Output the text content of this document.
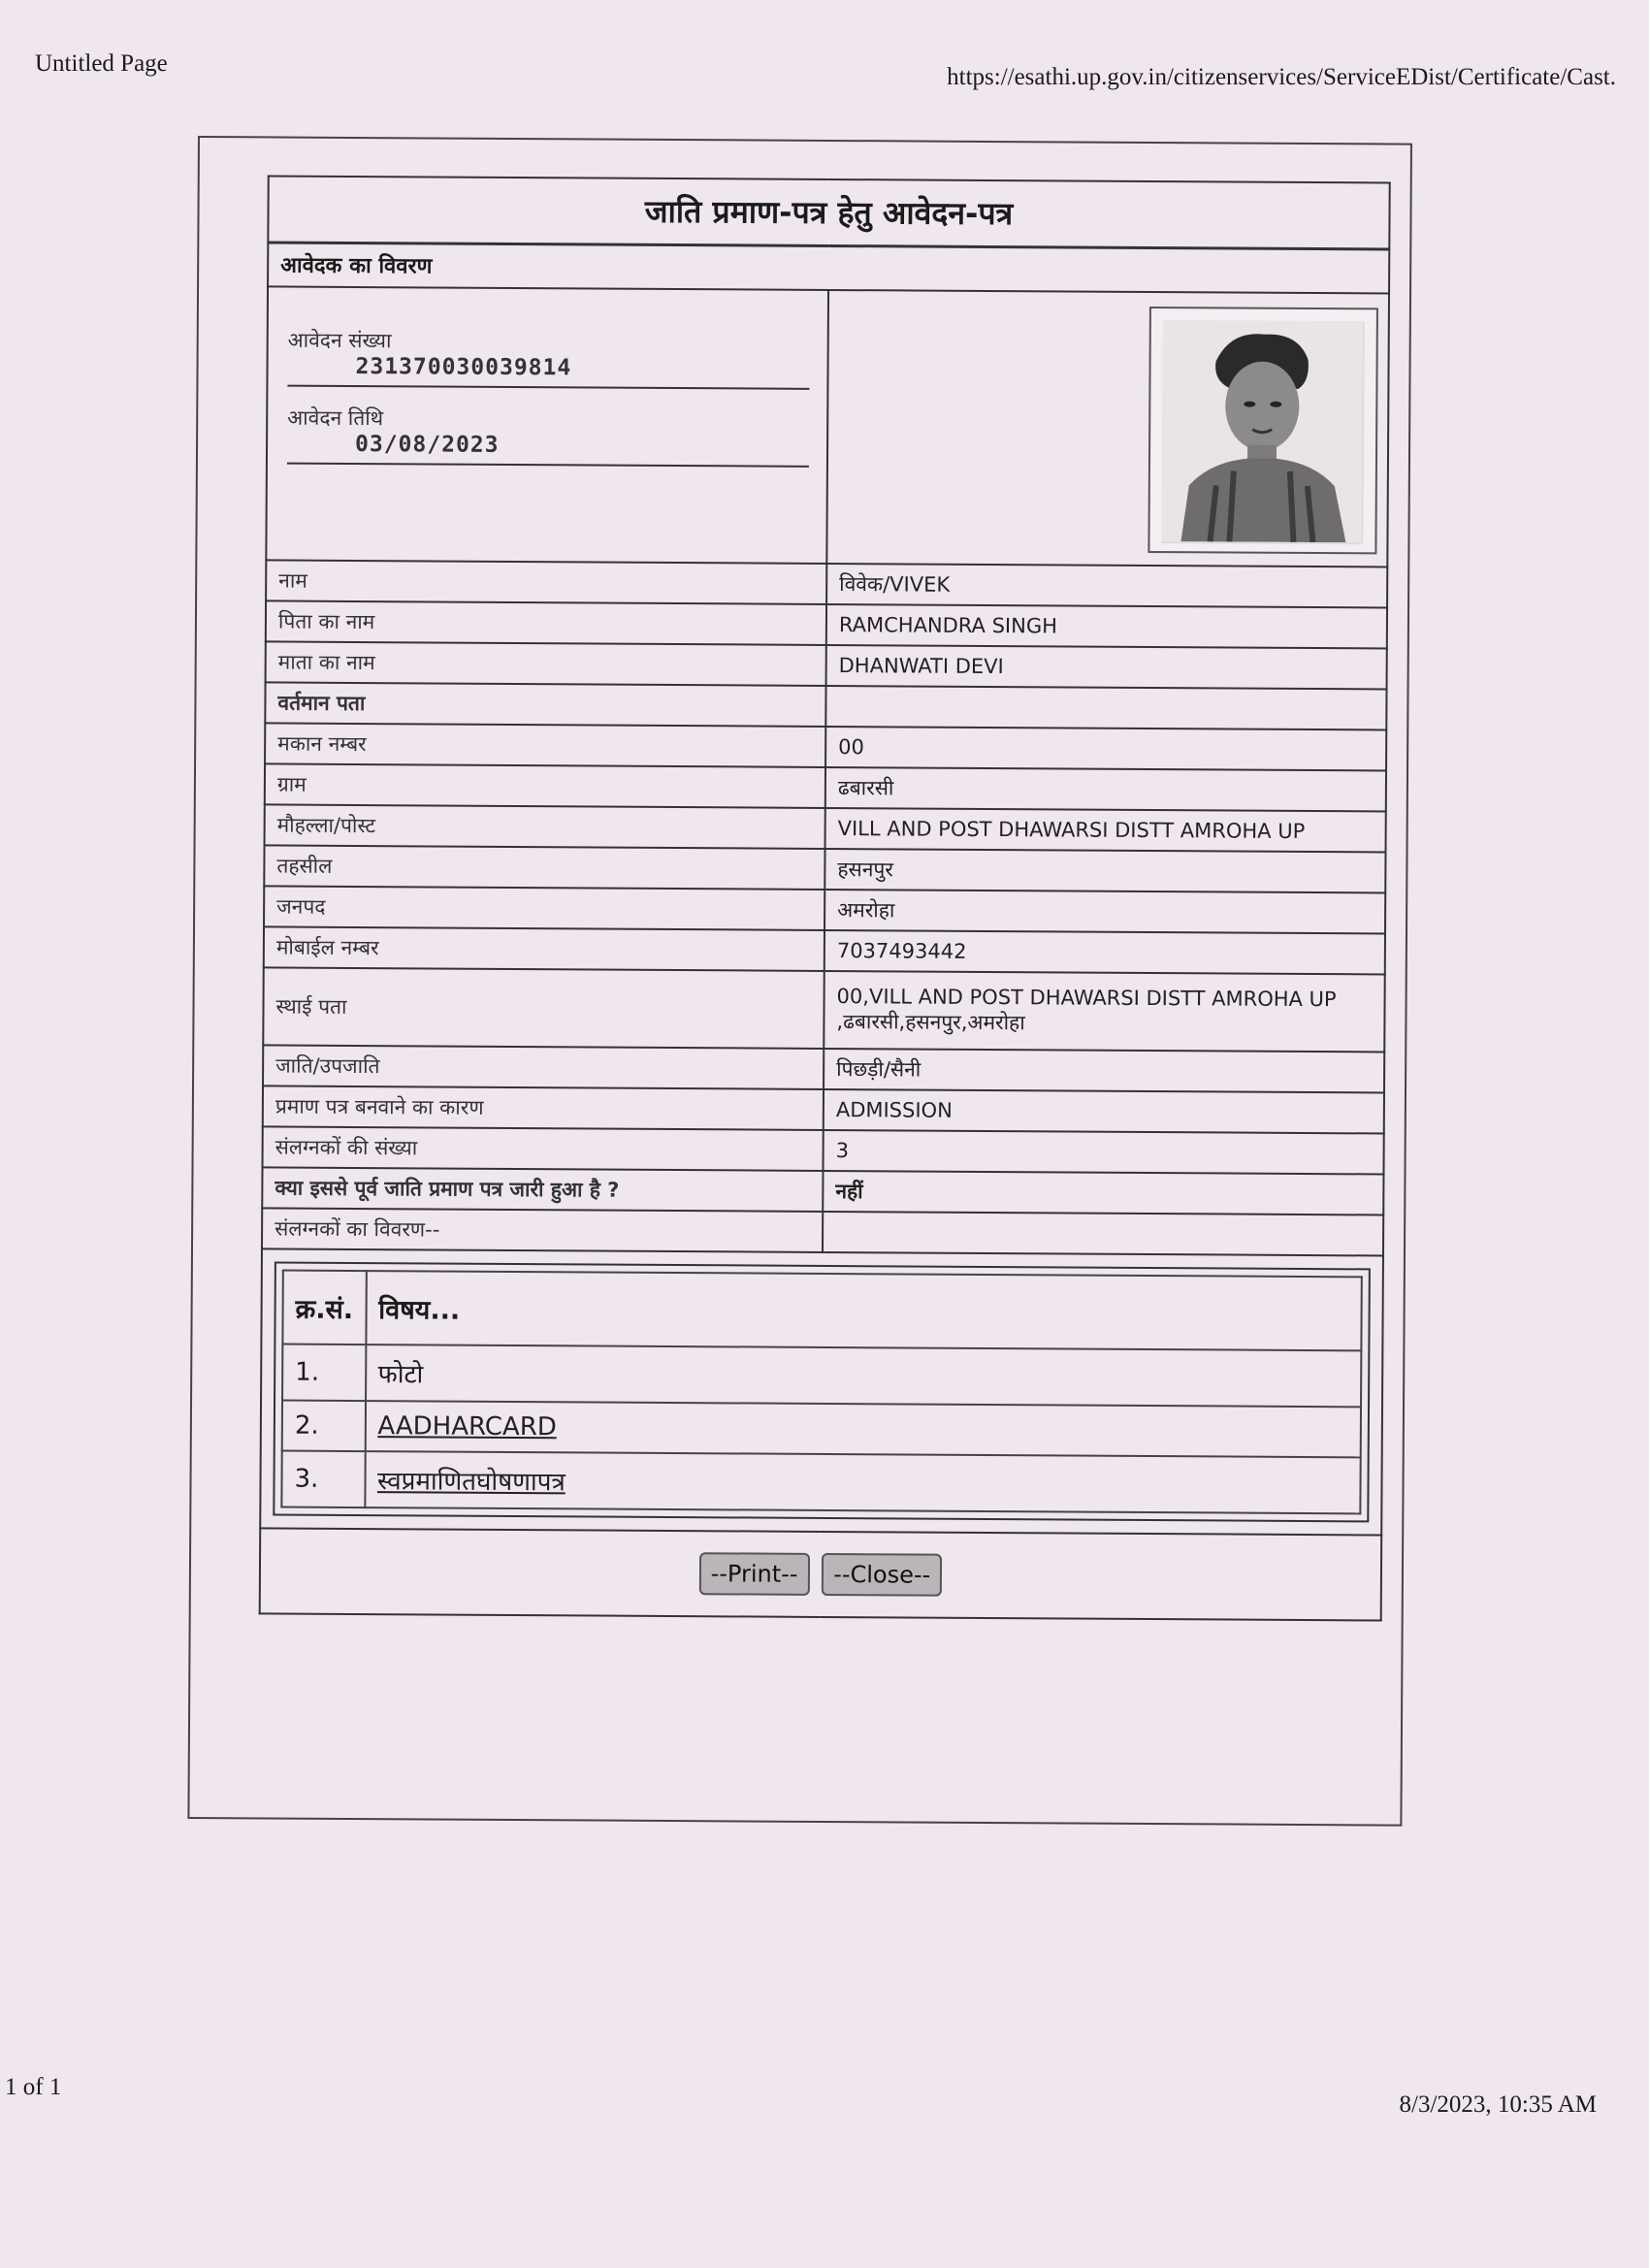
Untitled Page
https://esathi.up.gov.in/citizenservices/ServiceEDist/Certificate/Cast.
जाति प्रमाण-पत्र हेतु आवेदन-पत्र
आवेदक का विवरण

आवेदन संख्या
231370030039814
आवेदन तिथि
03/08/2023

नाम	विवेक/VIVEK
पिता का नाम	RAMCHANDRA SINGH
माता का नाम	DHANWATI DEVI
वर्तमान पता	
मकान नम्बर	00
ग्राम	ढबारसी
मौहल्ला/पोस्ट	VILL AND POST DHAWARSI DISTT AMROHA UP
तहसील	हसनपुर
जनपद	अमरोहा
मोबाईल नम्बर	7037493442
स्थाई पता	00,VILL AND POST DHAWARSI DISTT AMROHA UP
,ढबारसी,हसनपुर,अमरोहा

जाति/उपजाति	पिछड़ी/सैनी
प्रमाण पत्र बनवाने का कारण	ADMISSION
संलग्नकों की संख्या	3
क्या इससे पूर्व जाति प्रमाण पत्र जारी हुआ है ?	नहीं
संलग्नकों का विवरण--	

क्र.सं.	विषय...
1.	फोटो
2.	AADHARCARD
3.	स्वप्रमाणितघोषणापत्र

--Print-- --Close--
1 of 1
8/3/2023, 10:35 AM
